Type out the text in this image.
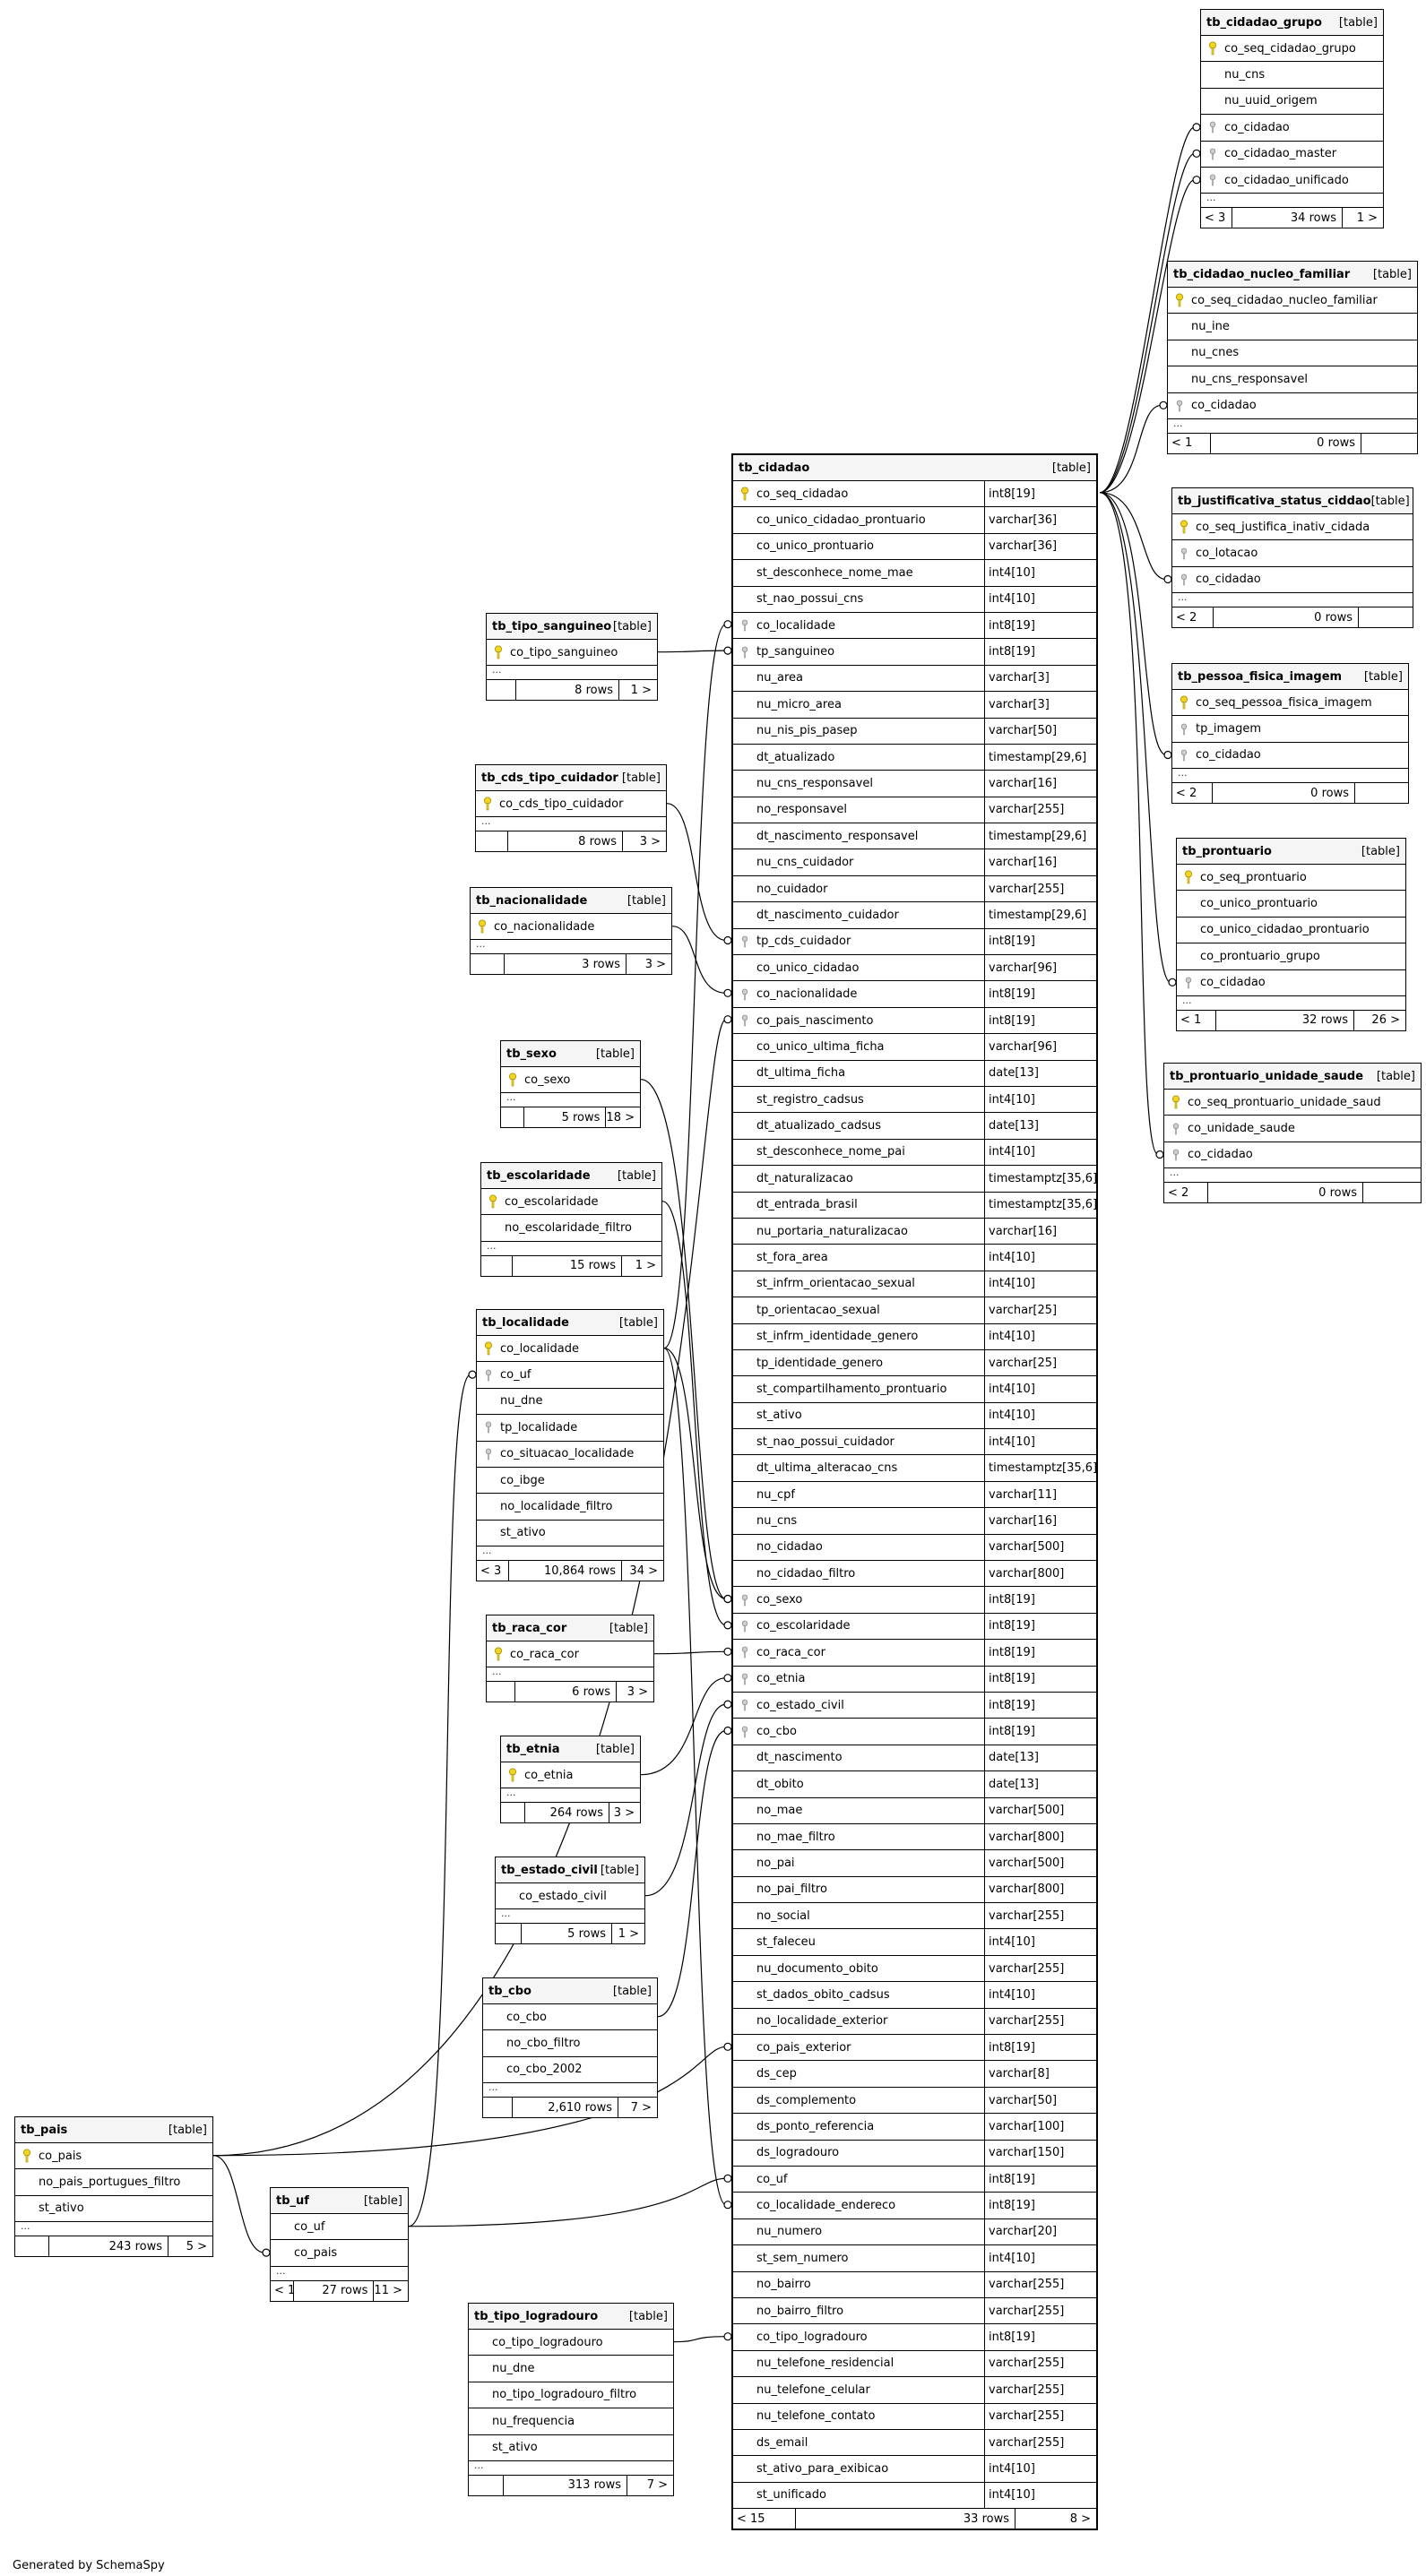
tb_cidadao_grupo [table]
co_seq_cidadao_grupo
nu_cns
nu_uuid_origem
co_cidadao
co_cidadao_master
co_cidadao_unificado
...
< 3	34 rows	1 >
tb_cidadao_nucleo_familiar [table]
co_seq_cidadao_nucleo_familiar
nu_ine
nu_cnes
nu_cns_responsavel
co_cidadao
...
< 1	0 rows
tb_justificativa_status_ciddao [table]
co_seq_justifica_inativ_cidada
co_lotacao
co_cidadao
...
< 2	0 rows
tb_pessoa_fisica_imagem [table]
co_seq_pessoa_fisica_imagem
tp_imagem
co_cidadao
...
< 2	0 rows
tb_prontuario	[table]
co_seq_prontuario
co_unico_prontuario
co_unico_cidadao_prontuario
co_prontuario_grupo
co_cidadao
...
< 1	32 rows	26 >
tb_prontuario_unidade_saude [table]
co_seq_prontuario_unidade_saud
co_unidade_saude
co_cidadao
...
< 2	0 rows
tb_tipo_sanguineo [table]
co_tipo_sanguineo
...
8 rows	1 >
tb_cds_tipo_cuidador [table]
co_cds_tipo_cuidador
...
8 rows	3 >
tb_nacionalidade	[table]
co_nacionalidade
...
3 rows	3 >
tb_sexo	[table]
co_sexo
...
5 rows 18 >
tb_escolaridade [table]
co_escolaridade
no_escolaridade_filtro
...
15 rows	1 >
tb_localidade	[table]
co_localidade
co_uf
nu_dne
tp_localidade
co_situacao_localidade
co_ibge
no_localidade_filtro
st_ativo
...
< 3	10,864 rows	34 >
tb_raca_cor	[table]
co_raca_cor
...
6 rows	3 >
tb_etnia	[table]
co_etnia
...
264 rows 3 >
tb_estado_civil [table]
co_estado_civil
...
5 rows	1 >
tb_cbo	[table]
co_cbo
no_cbo_filtro
co_cbo_2002
...
2,610 rows	7 >
tb_pais	[table]
co_pais
no_pais_portugues_filtro
st_ativo
...
243 rows	5 >
tb_uf	[table]
co_uf
co_pais
...
< 1	27 rows 11 >
tb_tipo_logradouro	[table]
co_tipo_logradouro
nu_dne
no_tipo_logradouro_filtro
nu_frequencia
st_ativo
...
313 rows	7 >
tb_cidadao	[table]
co_seq_cidadao	int8[19]
co_unico_cidadao_prontuario	varchar[36]
co_unico_prontuario	varchar[36]
st_desconhece_nome_mae	int4[10]
st_nao_possui_cns	int4[10]
co_localidade	int8[19]
tp_sanguineo	int8[19]
nu_area	varchar[3]
nu_micro_area	varchar[3]
nu_nis_pis_pasep	varchar[50]
dt_atualizado	timestamp[29,6]
nu_cns_responsavel	varchar[16]
no_responsavel	varchar[255]
dt_nascimento_responsavel	timestamp[29,6]
nu_cns_cuidador	varchar[16]
no_cuidador	varchar[255]
dt_nascimento_cuidador	timestamp[29,6]
tp_cds_cuidador	int8[19]
co_unico_cidadao	varchar[96]
co_nacionalidade	int8[19]
co_pais_nascimento	int8[19]
co_unico_ultima_ficha	varchar[96]
dt_ultima_ficha	date[13]
st_registro_cadsus	int4[10]
dt_atualizado_cadsus	date[13]
st_desconhece_nome_pai	int4[10]
dt_naturalizacao	timestamptz[35,6]
dt_entrada_brasil	timestamptz[35,6]
nu_portaria_naturalizacao	varchar[16]
st_fora_area	int4[10]
st_infrm_orientacao_sexual	int4[10]
tp_orientacao_sexual	varchar[25]
st_infrm_identidade_genero	int4[10]
tp_identidade_genero	varchar[25]
st_compartilhamento_prontuario	int4[10]
st_ativo	int4[10]
st_nao_possui_cuidador	int4[10]
dt_ultima_alteracao_cns	timestamptz[35,6]
nu_cpf	varchar[11]
nu_cns	varchar[16]
no_cidadao	varchar[500]
no_cidadao_filtro	varchar[800]
co_sexo	int8[19]
co_escolaridade	int8[19]
co_raca_cor	int8[19]
co_etnia	int8[19]
co_estado_civil	int8[19]
co_cbo	int8[19]
dt_nascimento	date[13]
dt_obito	date[13]
no_mae	varchar[500]
no_mae_filtro	varchar[800]
no_pai	varchar[500]
no_pai_filtro	varchar[800]
no_social	varchar[255]
st_faleceu	int4[10]
nu_documento_obito	varchar[255]
st_dados_obito_cadsus	int4[10]
no_localidade_exterior	varchar[255]
co_pais_exterior	int8[19]
ds_cep	varchar[8]
ds_complemento	varchar[50]
ds_ponto_referencia	varchar[100]
ds_logradouro	varchar[150]
co_uf	int8[19]
co_localidade_endereco	int8[19]
nu_numero	varchar[20]
st_sem_numero	int4[10]
no_bairro	varchar[255]
no_bairro_filtro	varchar[255]
co_tipo_logradouro	int8[19]
nu_telefone_residencial	varchar[255]
nu_telefone_celular	varchar[255]
nu_telefone_contato	varchar[255]
ds_email	varchar[255]
st_ativo_para_exibicao	int4[10]
st_unificado	int4[10]
< 15	33 rows	8 >
Generated by SchemaSpy
